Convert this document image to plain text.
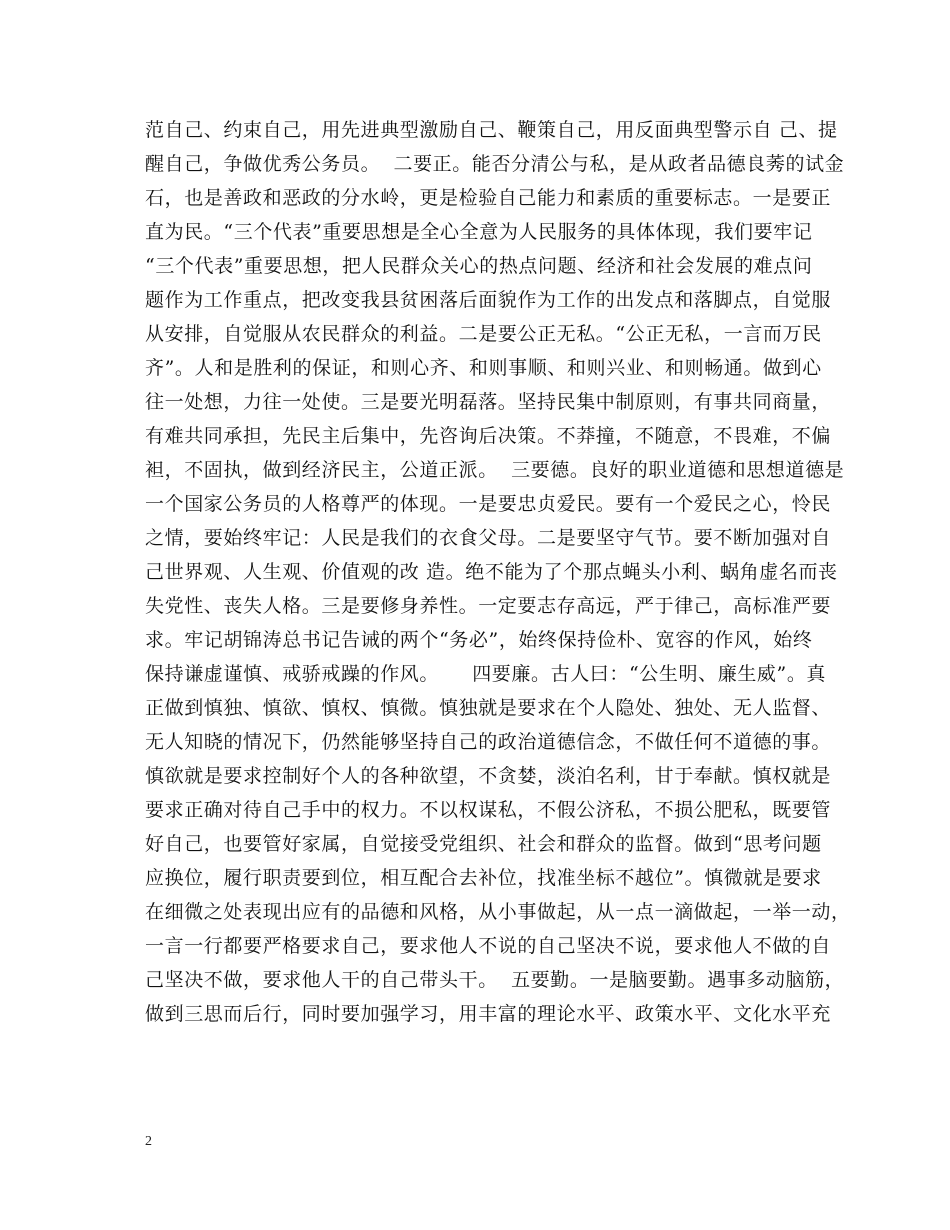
范自己、约束自己，用先进典型激励自己、鞭策自己，用反面典型警示自 己、提
醒自己，争做优秀公务员。  二要正。能否分清公与私，是从政者品德良莠的试金
石，也是善政和恶政的分水岭，更是检验自己能力和素质的重要标志。一是要正
直为民。“三个代表”重要思想是全心全意为人民服务的具体体现，我们要牢记
“三个代表”重要思想，把人民群众关心的热点问题、经济和社会发展的难点问
题作为工作重点，把改变我县贫困落后面貌作为工作的出发点和落脚点，自觉服
从安排，自觉服从农民群众的利益。二是要公正无私。“公正无私，一言而万民
齐”。人和是胜利的保证，和则心齐、和则事顺、和则兴业、和则畅通。做到心
往一处想，力往一处使。三是要光明磊落。坚持民集中制原则，有事共同商量，
有难共同承担，先民主后集中，先咨询后决策。不莽撞，不随意，不畏难，不偏
袒，不固执，做到经济民主，公道正派。  三要德。良好的职业道德和思想道德是
一个国家公务员的人格尊严的体现。一是要忠贞爱民。要有一个爱民之心，怜民
之情，要始终牢记：人民是我们的衣食父母。二是要坚守气节。要不断加强对自
己世界观、人生观、价值观的改 造。绝不能为了个那点蝇头小利、蜗角虚名而丧
失党性、丧失人格。三是要修身养性。一定要志存高远，严于律己，高标准严要
求。牢记胡锦涛总书记告诫的两个“务必”，始终保持俭朴、宽容的作风，始终
保持谦虚谨慎、戒骄戒躁的作风。     四要廉。古人曰：“公生明、廉生威”。真
正做到慎独、慎欲、慎权、慎微。慎独就是要求在个人隐处、独处、无人监督、
无人知晓的情况下，仍然能够坚持自己的政治道德信念，不做任何不道德的事。
慎欲就是要求控制好个人的各种欲望，不贪婪，淡泊名利，甘于奉献。慎权就是
要求正确对待自己手中的权力。不以权谋私，不假公济私，不损公肥私，既要管
好自己，也要管好家属，自觉接受党组织、社会和群众的监督。做到“思考问题
应换位，履行职责要到位，相互配合去补位，找准坐标不越位”。慎微就是要求
在细微之处表现出应有的品德和风格，从小事做起，从一点一滴做起，一举一动，
一言一行都要严格要求自己，要求他人不说的自己坚决不说，要求他人不做的自
己坚决不做，要求他人干的自己带头干。  五要勤。一是脑要勤。遇事多动脑筋，
做到三思而后行，同时要加强学习，用丰富的理论水平、政策水平、文化水平充
2
